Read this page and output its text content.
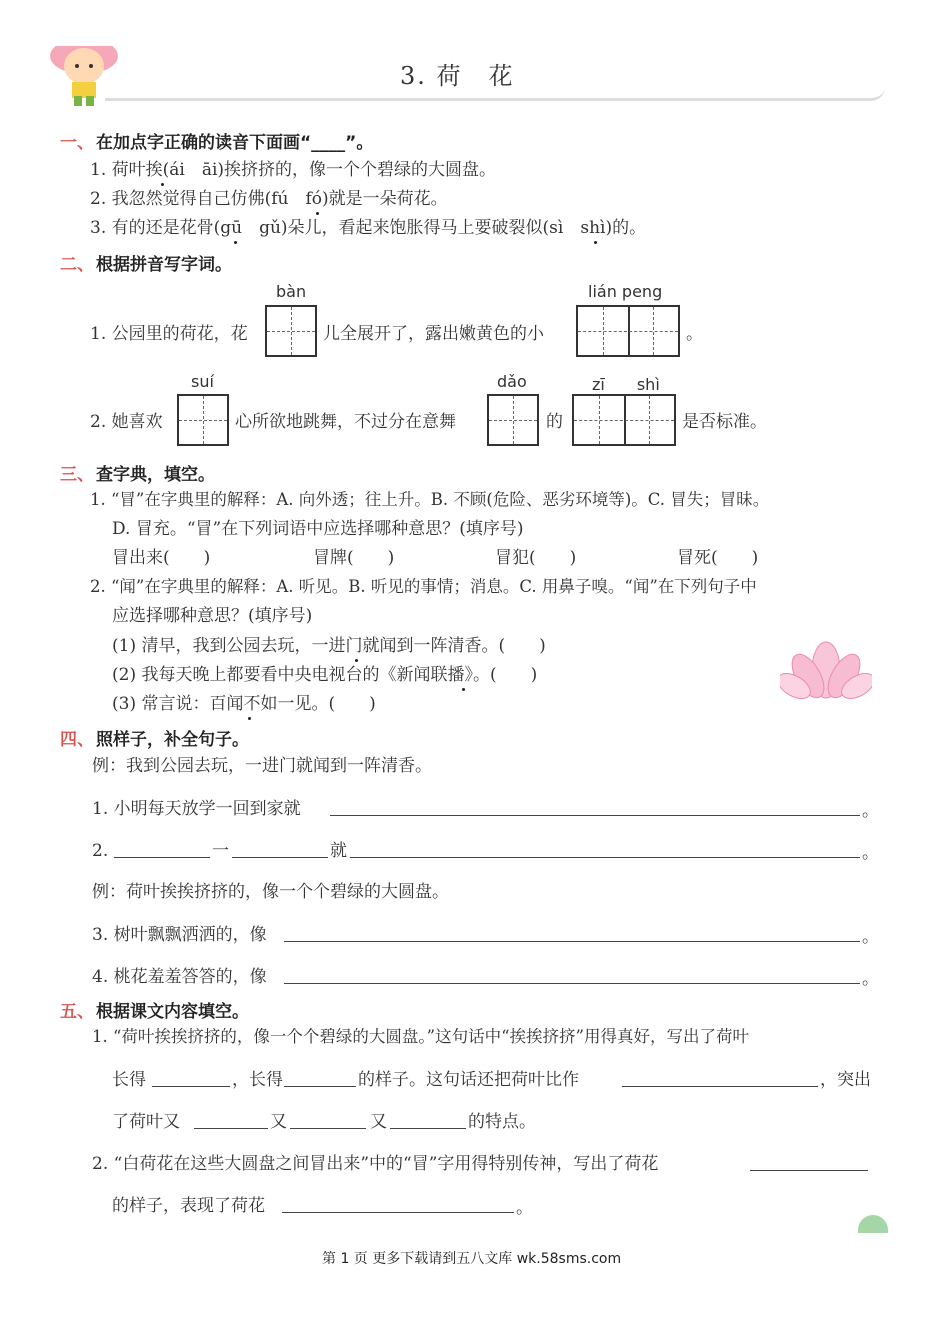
3. 荷　花
一、 在加点字正确的读音下面画“____”。
1. 荷叶挨(ái　āi)挨挤挤的，像一个个碧绿的大圆盘。
2. 我忽然觉得自己仿佛(fú　fó)就是一朵荷花。
3. 有的还是花骨(gū　gǔ)朵儿，看起来饱胀得马上要破裂似(sì　shì)的。
二、 根据拼音写字词。
bàn	lián peng
1. 公园里的荷花，花	儿全展开了，露出嫩黄色的小	。
suí	dǎo	zī　　shì
2. 她喜欢	心所欲地跳舞，不过分在意舞	的	是否标准。
三、 查字典，填空。
1. “冒”在字典里的解释：A. 向外透；往上升。B. 不顾(危险、恶劣环境等)。C. 冒失；冒昧。
D. 冒充。“冒”在下列词语中应选择哪种意思？(填序号)
冒出来(　　)	冒牌(　　)	冒犯(　　)	冒死(　　)
2. “闻”在字典里的解释：A. 听见。B. 听见的事情；消息。C. 用鼻子嗅。“闻”在下列句子中
应选择哪种意思？(填序号)
(1) 清早，我到公园去玩，一进门就闻到一阵清香。(　　)
(2) 我每天晚上都要看中央电视台的《新闻联播》。(　　)
(3) 常言说：百闻不如一见。(　　)
四、 照样子，补全句子。
例：我到公园去玩，一进门就闻到一阵清香。
1. 小明每天放学一回到家就	。
2.	一	就	。
例：荷叶挨挨挤挤的，像一个个碧绿的大圆盘。
3. 树叶飘飘洒洒的，像	。
4. 桃花羞羞答答的，像	。
五、 根据课文内容填空。
1. “荷叶挨挨挤挤的，像一个个碧绿的大圆盘。”这句话中“挨挨挤挤”用得真好，写出了荷叶
长得	，长得	的样子。这句话还把荷叶比作	，突出
了荷叶又	又	又	的特点。
2. “白荷花在这些大圆盘之间冒出来”中的“冒”字用得特别传神，写出了荷花
的样子，表现了荷花	。
第 1 页 更多下载请到五八文库 wk.58sms.com
